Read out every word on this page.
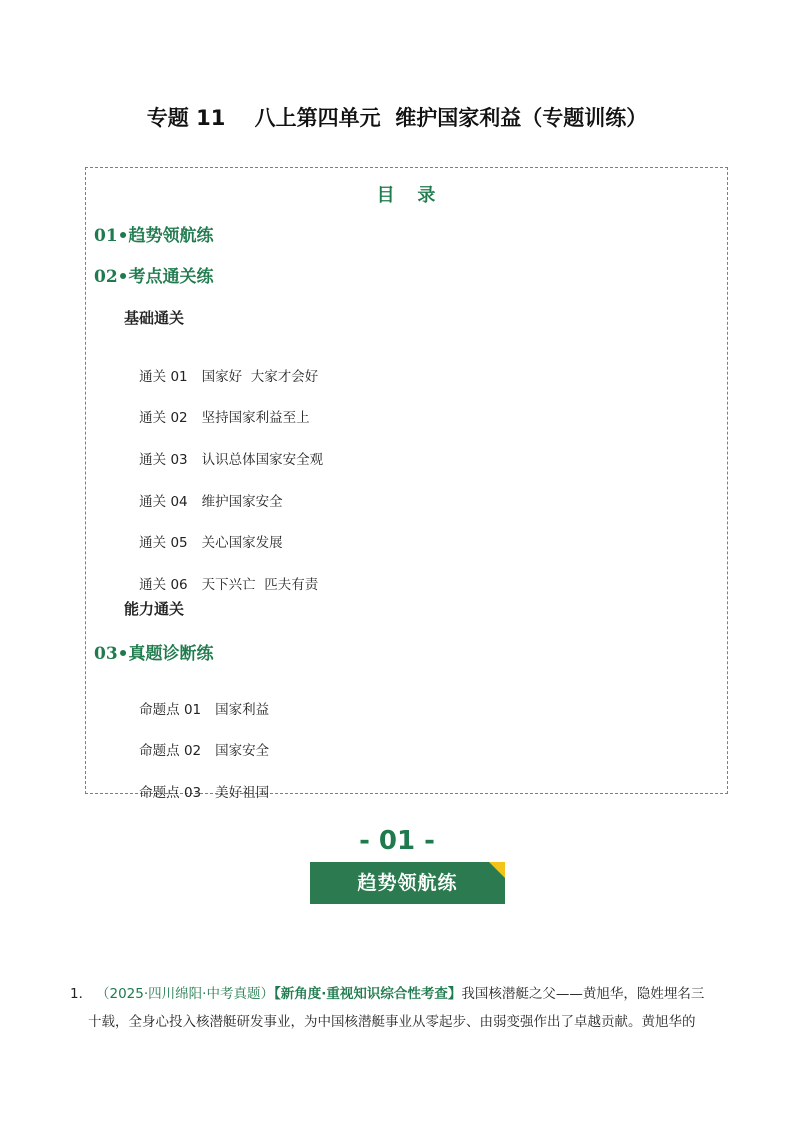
专题 11    八上第四单元  维护国家利益（专题训练）
目   录
01•趋势领航练
02•考点通关练
基础通关

通关 01 国家好  大家才会好

通关 02 坚持国家利益至上

通关 03 认识总体国家安全观

通关 04 维护国家安全

通关 05 关心国家发展

通关 06 天下兴亡  匹夫有责

能力通关
03•真题诊断练

命题点 01 国家利益

命题点 02 国家安全

命题点 03 美好祖国

- 01 -
趋势领航练
1． （2025·四川绵阳·中考真题）【新角度·重视知识综合性考查】我国核潜艇之父——黄旭华，隐姓埋名三
十载，全身心投入核潜艇研发事业，为中国核潜艇事业从零起步、由弱变强作出了卓越贡献。黄旭华的
